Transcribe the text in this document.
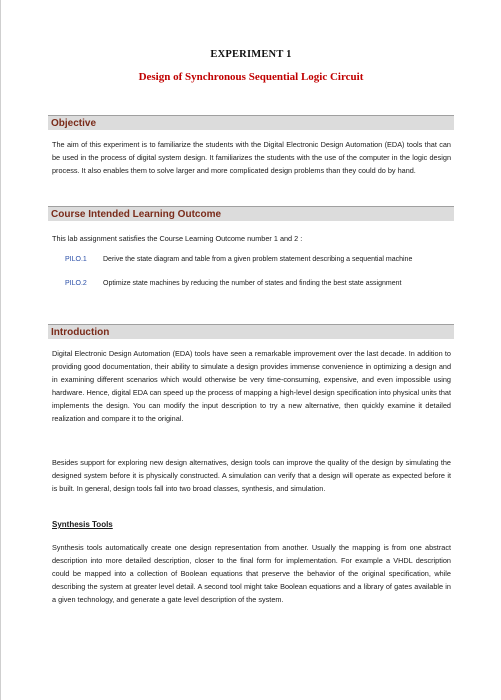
EXPERIMENT 1
Design of Synchronous Sequential Logic Circuit
Objective

The aim of this experiment is to familiarize the students with the Digital Electronic Design Automation (EDA) tools that can be used in the process of digital system design. It familiarizes the students with the use of the computer in the logic design process. It also enables them to solve larger and more complicated design problems than they could do by hand.

Course Intended Learning Outcome

This lab assignment satisfies the Course Learning Outcome number 1 and 2 :

PILO.1 Derive the state diagram and table from a given problem statement describing a sequential machine
PILO.2 Optimize state machines by reducing the number of states and finding the best state assignment
Introduction

Digital Electronic Design Automation (EDA) tools have seen a remarkable improvement over the last decade. In addition to providing good documentation, their ability to simulate a design provides immense convenience in optimizing a design and in examining different scenarios which would otherwise be very time-consuming, expensive, and even impossible using hardware. Hence, digital EDA can speed up the process of mapping a high-level design specification into physical units that implements the design. You can modify the input description to try a new alternative, then quickly examine it detailed realization and compare it to the original.

Besides support for exploring new design alternatives, design tools can improve the quality of the design by simulating the designed system before it is physically constructed. A simulation can verify that a design will operate as expected before it is built. In general, design tools fall into two broad classes, synthesis, and simulation.

Synthesis Tools

Synthesis tools automatically create one design representation from another. Usually the mapping is from one abstract description into more detailed description, closer to the final form for implementation. For example a VHDL description could be mapped into a collection of Boolean equations that preserve the behavior of the original specification, while describing the system at greater level detail. A second tool might take Boolean equations and a library of gates available in a given technology, and generate a gate level description of the system.
